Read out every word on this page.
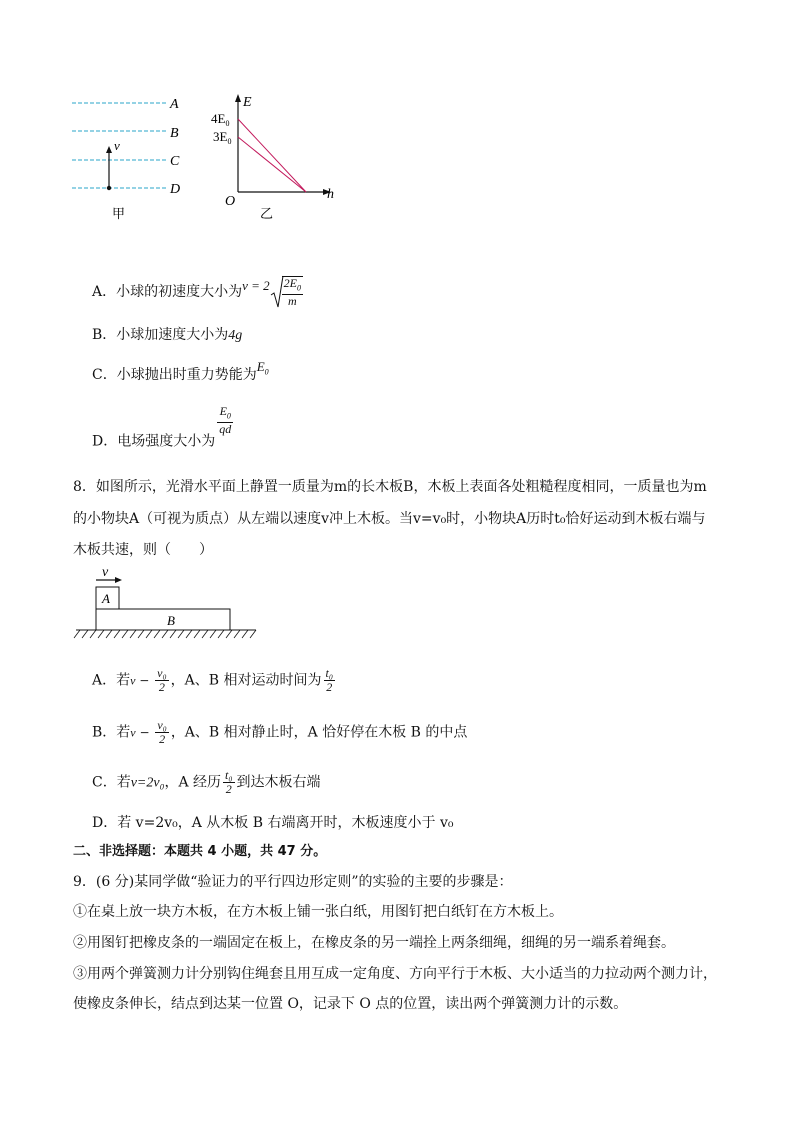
A
B
C
D
v
甲
E
h
O
$4E_0$
$3E_0$
乙
A．小球的初速度大小为$v = 2 \frac{2E_0}{m}$
B．小球加速度大小为4g
C．小球抛出时重力势能为$E_0$
D．电场强度大小为
$\frac{E_0}{qd}$
8．如图所示，光滑水平面上静置一质量为m的长木板B，木板上表面各处粗糙程度相同，一质量也为m
的小物块A（可视为质点）从左端以速度v冲上木板。当v=v₀时，小物块A历时t₀恰好运动到木板右端与
木板共速，则（　　）
v
A
B
A．若$v - \frac{\text{v₀}}{2}$ ，A、B 相对运动时间为 $\frac{\text{t₀}}{2}$
B．若$v - \frac{\text{v₀}}{2}$ ，A、B 相对静止时，A 恰好停在木板 B 的中点
C．若v=2v₀，A 经历 $\frac{\text{t₀}}{2}$ 到达木板右端
D．若 v=2v₀，A 从木板 B 右端离开时，木板速度小于 v₀
二、非选择题：本题共 4 小题，共 47 分。
9．(6 分)某同学做“验证力的平行四边形定则”的实验的主要的步骤是：
①在桌上放一块方木板，在方木板上铺一张白纸，用图钉把白纸钉在方木板上。
②用图钉把橡皮条的一端固定在板上，在橡皮条的另一端拴上两条细绳，细绳的另一端系着绳套。
③用两个弹簧测力计分别钩住绳套且用互成一定角度、方向平行于木板、大小适当的力拉动两个测力计，
使橡皮条伸长，结点到达某一位置 O，记录下 O 点的位置，读出两个弹簧测力计的示数。
